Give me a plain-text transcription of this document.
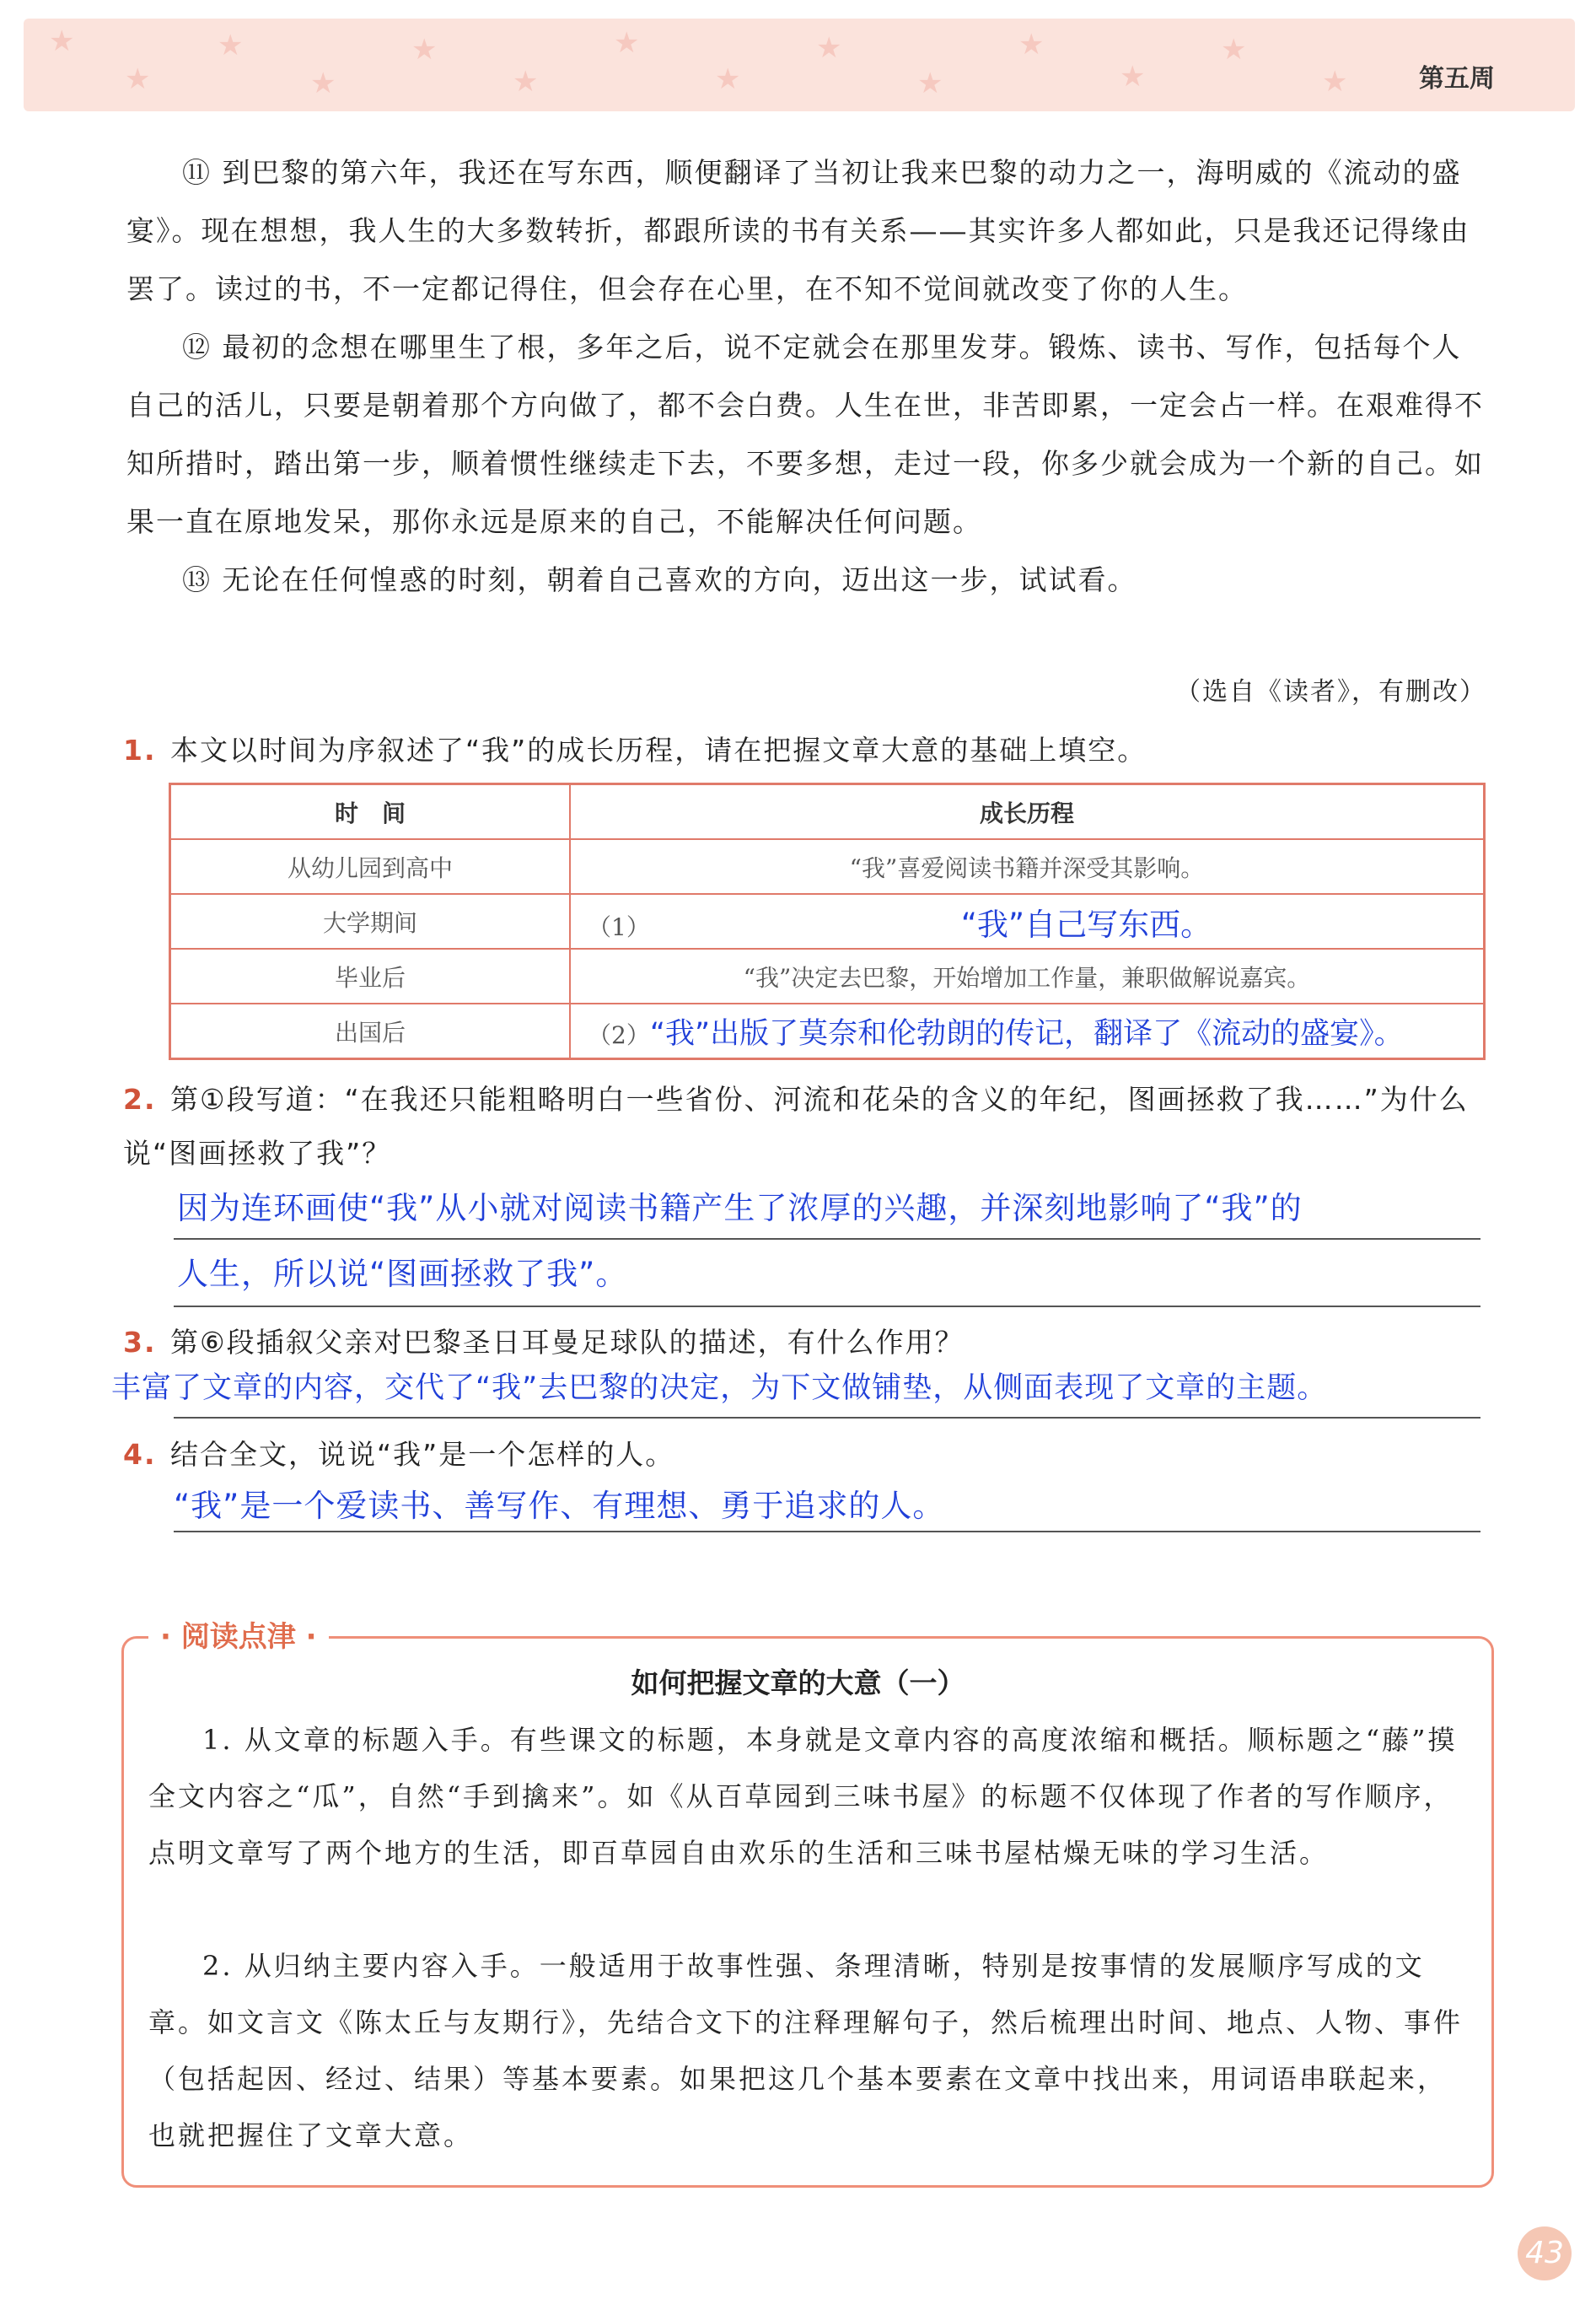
★
★
★
★
★
★
★
★
★
★
★
★
★
★	第五周

⑪ 到巴黎的第六年，我还在写东西，顺便翻译了当初让我来巴黎的动力之一，海明威的《流动的盛宴》。现在想想，我人生的大多数转折，都跟所读的书有关系——其实许多人都如此，只是我还记得缘由罢了。读过的书，不一定都记得住，但会存在心里，在不知不觉间就改变了你的人生。

⑫ 最初的念想在哪里生了根，多年之后，说不定就会在那里发芽。锻炼、读书、写作，包括每个人自己的活儿，只要是朝着那个方向做了，都不会白费。人生在世，非苦即累，一定会占一样。在艰难得不知所措时，踏出第一步，顺着惯性继续走下去，不要多想，走过一段，你多少就会成为一个新的自己。如果一直在原地发呆，那你永远是原来的自己，不能解决任何问题。

⑬ 无论在任何惶惑的时刻，朝着自己喜欢的方向，迈出这一步，试试看。

（选自《读者》，有删改）
1. 本文以时间为序叙述了“我”的成长历程，请在把握文章大意的基础上填空。
时　间	成长历程
从幼儿园到高中	“我”喜爱阅读书籍并深受其影响。
大学期间	（1） “我”自己写东西。
毕业后	“我”决定去巴黎，开始增加工作量，兼职做解说嘉宾。
出国后	（2）“我”出版了莫奈和伦勃朗的传记，翻译了《流动的盛宴》。
2. 第①段写道：“在我还只能粗略明白一些省份、河流和花朵的含义的年纪，图画拯救了我……”为什么说“图画拯救了我”？
因为连环画使“我”从小就对阅读书籍产生了浓厚的兴趣，并深刻地影响了“我”的
人生，所以说“图画拯救了我”。
3. 第⑥段插叙父亲对巴黎圣日耳曼足球队的描述，有什么作用？
丰富了文章的内容，交代了“我”去巴黎的决定，为下文做铺垫，从侧面表现了文章的主题。
4. 结合全文，说说“我”是一个怎样的人。
“我”是一个爱读书、善写作、有理想、勇于追求的人。
· 阅读点津 ·
如何把握文章的大意（一）

1. 从文章的标题入手。有些课文的标题，本身就是文章内容的高度浓缩和概括。顺标题之“藤”摸全文内容之“瓜”，自然“手到擒来”。如《从百草园到三味书屋》的标题不仅体现了作者的写作顺序，点明文章写了两个地方的生活，即百草园自由欢乐的生活和三味书屋枯燥无味的学习生活。

2. 从归纳主要内容入手。一般适用于故事性强、条理清晰，特别是按事情的发展顺序写成的文章。如文言文《陈太丘与友期行》，先结合文下的注释理解句子，然后梳理出时间、地点、人物、事件（包括起因、经过、结果）等基本要素。如果把这几个基本要素在文章中找出来，用词语串联起来，也就把握住了文章大意。

43
